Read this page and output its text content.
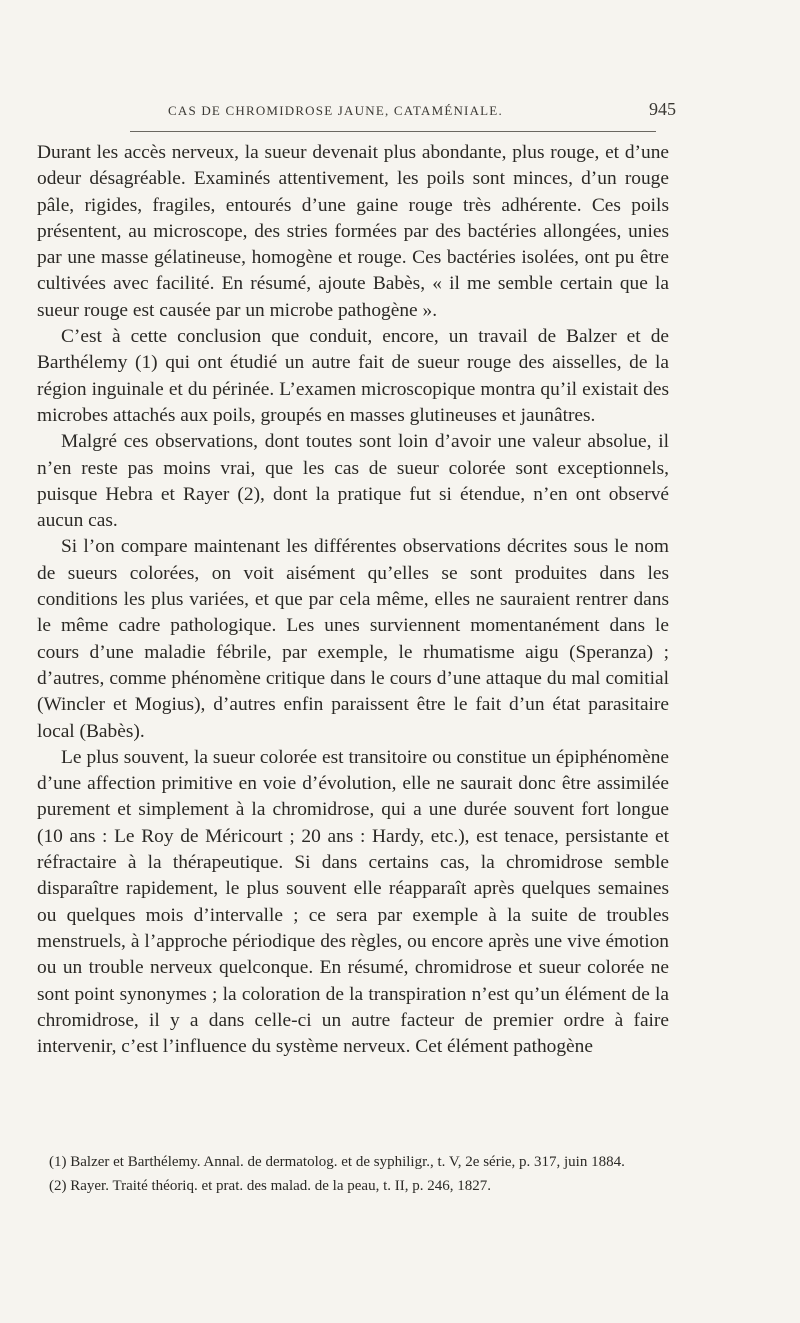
CAS DE CHROMIDROSE JAUNE, CATAMÉNIALE.	945

Durant les accès nerveux, la sueur devenait plus abondante, plus rouge, et d’une odeur désagréable. Examinés attentivement, les poils sont minces, d’un rouge pâle, rigides, fragiles, entourés d’une gaine rouge très adhérente. Ces poils présentent, au microscope, des stries formées par des bactéries allongées, unies par une masse gélatineuse, homogène et rouge. Ces bactéries isolées, ont pu être cultivées avec facilité. En résumé, ajoute Babès, « il me semble certain que la sueur rouge est causée par un microbe pathogène ».

C’est à cette conclusion que conduit, encore, un travail de Balzer et de Barthélemy (1) qui ont étudié un autre fait de sueur rouge des aisselles, de la région inguinale et du périnée. L’examen microscopique montra qu’il existait des microbes attachés aux poils, groupés en masses glutineuses et jaunâtres.

Malgré ces observations, dont toutes sont loin d’avoir une valeur absolue, il n’en reste pas moins vrai, que les cas de sueur colorée sont exceptionnels, puisque Hebra et Rayer (2), dont la pratique fut si étendue, n’en ont observé aucun cas.

Si l’on compare maintenant les différentes observations décrites sous le nom de sueurs colorées, on voit aisément qu’elles se sont produites dans les conditions les plus variées, et que par cela même, elles ne sauraient rentrer dans le même cadre pathologique. Les unes surviennent momentanément dans le cours d’une maladie fébrile, par exemple, le rhumatisme aigu (Speranza) ; d’autres, comme phénomène critique dans le cours d’une attaque du mal comitial (Wincler et Mogius), d’autres enfin paraissent être le fait d’un état parasitaire local (Babès).

Le plus souvent, la sueur colorée est transitoire ou constitue un épiphénomène d’une affection primitive en voie d’évolution, elle ne saurait donc être assimilée purement et simplement à la chromidrose, qui a une durée souvent fort longue (10 ans : Le Roy de Méricourt ; 20 ans : Hardy, etc.), est tenace, persistante et réfractaire à la thérapeutique. Si dans certains cas, la chromidrose semble disparaître rapidement, le plus souvent elle réapparaît après quelques semaines ou quelques mois d’intervalle ; ce sera par exemple à la suite de troubles menstruels, à l’approche périodique des règles, ou encore après une vive émotion ou un trouble nerveux quelconque. En résumé, chromidrose et sueur colorée ne sont point synonymes ; la coloration de la transpiration n’est qu’un élément de la chromidrose, il y a dans celle-ci un autre facteur de premier ordre à faire intervenir, c’est l’influence du système nerveux. Cet élément pathogène

(1) Balzer et Barthélemy. Annal. de dermatolog. et de syphiligr., t. V, 2e série, p. 317, juin 1884.

(2) Rayer. Traité théoriq. et prat. des malad. de la peau, t. II, p. 246, 1827.
